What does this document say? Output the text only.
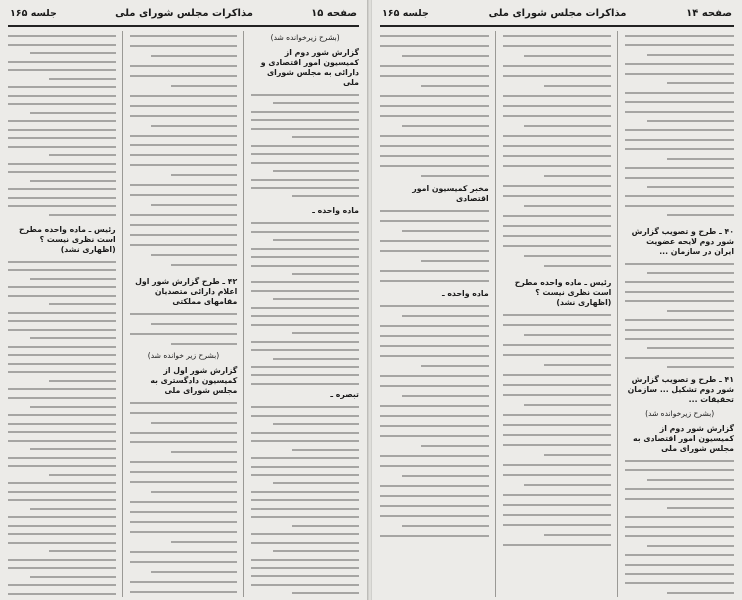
صفحه ۱۵
مذاکرات مجلس شورای ملی
جلسه ۱۶۵
(بشرح زیرخوانده شد)
گزارش شور دوم از کمیسیون امور اقتصادی و دارائی به مجلس شورای ملی
ماده واحده ـ
تبصره ـ
۴۲ ـ طرح گزارش شور اول اعلام دارائی متصدیان مقامهای مملکتی
(بشرح زیر خوانده شد)
گزارش شور اول از کمیسیون دادگستری به مجلس شورای ملی
رئیس ـ ماده واحده مطرح است نظری نیست ؟ (اظهاری نشد)
صفحه ۱۴
مذاکرات مجلس شورای ملی
جلسه ۱۶۵
۴۰ ـ طرح و تصویب گزارش شور دوم لایحه عضویت ایران در سازمان ...
۴۱ ـ طرح و تصویب گزارش شور دوم تشکیل ... سازمان تحقیقات ...
(بشرح زیرخوانده شد)
گزارش شور دوم از کمیسیون امور اقتصادی به مجلس شورای ملی
رئیس ـ ماده واحده مطرح است نظری نیست ؟ (اظهاری نشد)
مخبر کمیسیون امور اقتصادی
ماده واحده ـ
